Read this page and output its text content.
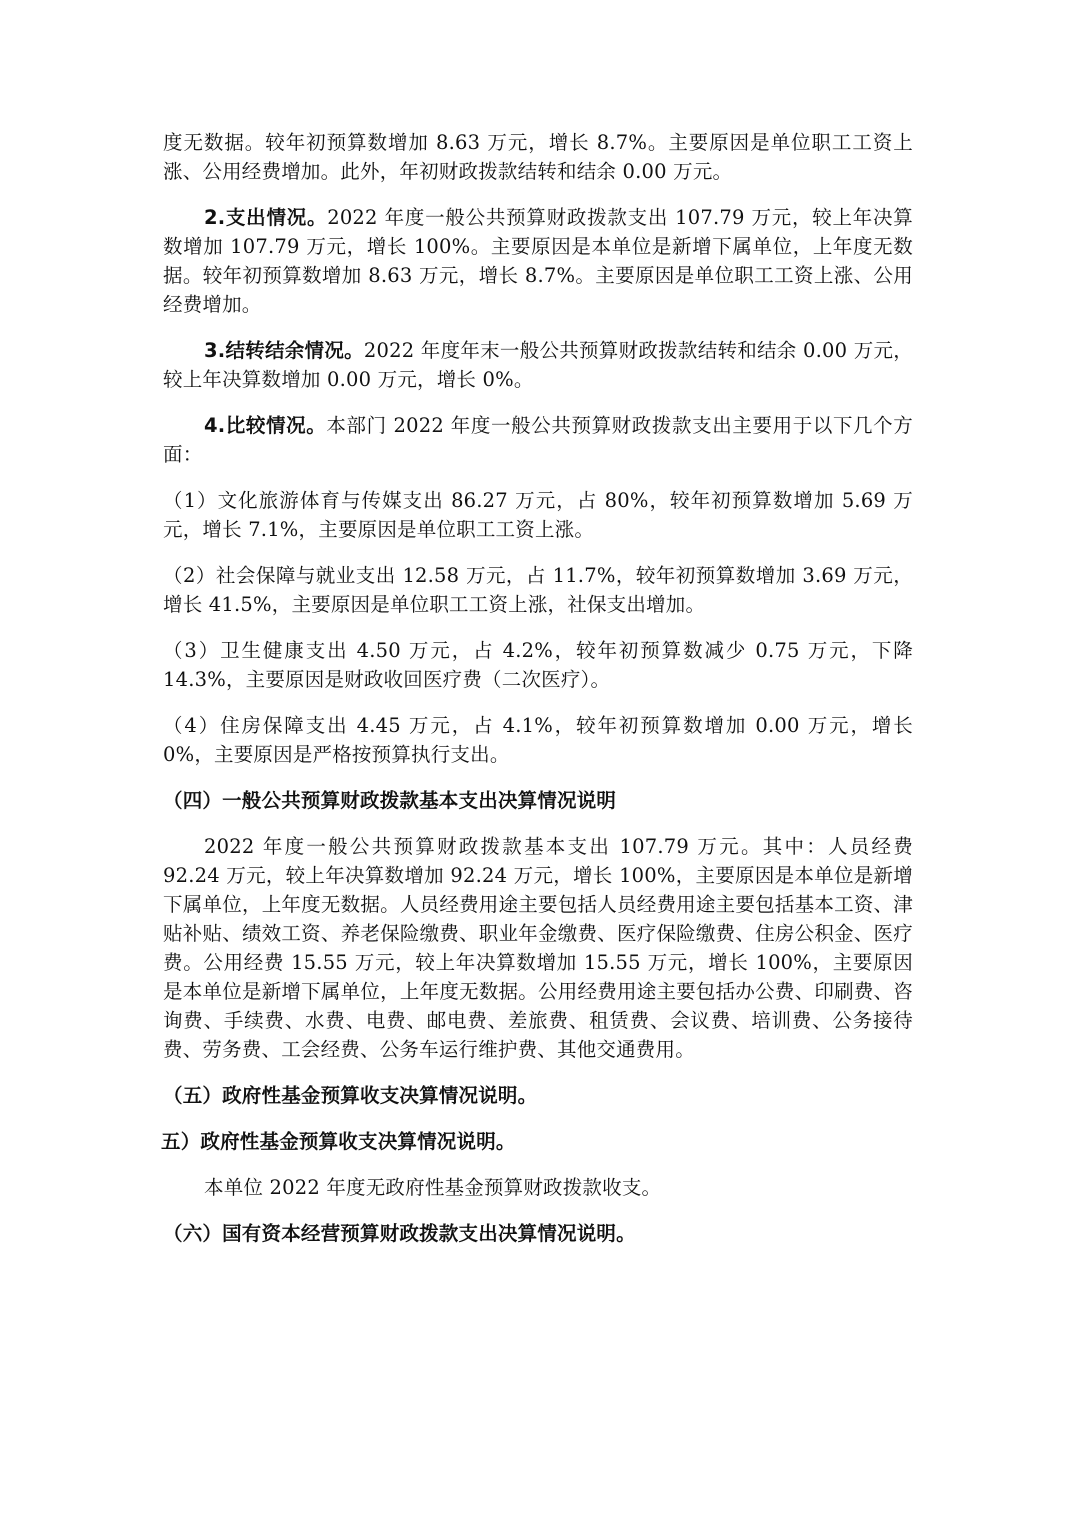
度无数据。较年初预算数增加 8.63 万元，增长 8.7%。主要原因是单位职工工资上涨、公用经费增加。此外，年初财政拨款结转和结余 0.00 万元。

2.支出情况。2022 年度一般公共预算财政拨款支出 107.79 万元，较上年决算数增加 107.79 万元，增长 100%。主要原因是本单位是新增下属单位，上年度无数据。较年初预算数增加 8.63 万元，增长 8.7%。主要原因是单位职工工资上涨、公用经费增加。

3.结转结余情况。2022 年度年末一般公共预算财政拨款结转和结余 0.00 万元，较上年决算数增加 0.00 万元，增长 0%。

4.比较情况。本部门 2022 年度一般公共预算财政拨款支出主要用于以下几个方面：

（1）文化旅游体育与传媒支出 86.27 万元，占 80%，较年初预算数增加 5.69 万元，增长 7.1%，主要原因是单位职工工资上涨。

（2）社会保障与就业支出 12.58 万元，占 11.7%，较年初预算数增加 3.69 万元，增长 41.5%，主要原因是单位职工工资上涨，社保支出增加。

（3）卫生健康支出 4.50 万元，占 4.2%，较年初预算数减少 0.75 万元，下降 14.3%，主要原因是财政收回医疗费（二次医疗）。

（4）住房保障支出 4.45 万元，占 4.1%，较年初预算数增加 0.00 万元，增长 0%，主要原因是严格按预算执行支出。

（四）一般公共预算财政拨款基本支出决算情况说明

2022 年度一般公共预算财政拨款基本支出 107.79 万元。其中：人员经费 92.24 万元，较上年决算数增加 92.24 万元，增长 100%，主要原因是本单位是新增下属单位，上年度无数据。人员经费用途主要包括人员经费用途主要包括基本工资、津贴补贴、绩效工资、养老保险缴费、职业年金缴费、医疗保险缴费、住房公积金、医疗费。公用经费 15.55 万元，较上年决算数增加 15.55 万元，增长 100%，主要原因是本单位是新增下属单位，上年度无数据。公用经费用途主要包括办公费、印刷费、咨询费、手续费、水费、电费、邮电费、差旅费、租赁费、会议费、培训费、公务接待费、劳务费、工会经费、公务车运行维护费、其他交通费用。

（五）政府性基金预算收支决算情况说明。

五）政府性基金预算收支决算情况说明。

本单位 2022 年度无政府性基金预算财政拨款收支。

（六）国有资本经营预算财政拨款支出决算情况说明。
